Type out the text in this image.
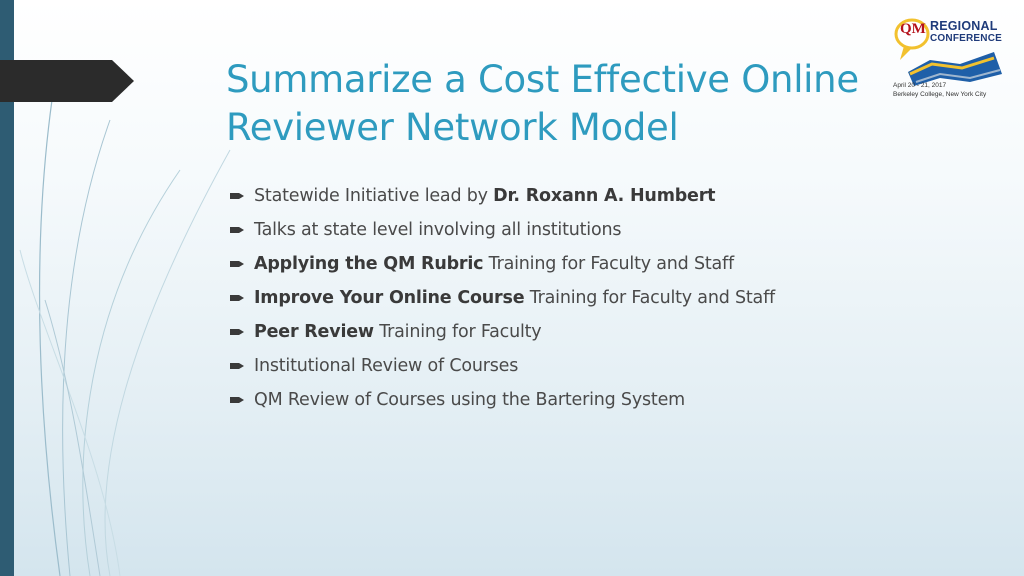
Summarize a Cost Effective Online
Reviewer Network Model
Statewide Initiative lead by Dr. Roxann A. Humbert
Talks at state level involving all institutions
Applying the QM Rubric Training for Faculty and Staff
Improve Your Online Course Training for Faculty and Staff
Peer Review Training for Faculty
Institutional Review of Courses
QM Review of Courses using the Bartering System
QM REGIONAL
CONFERENCE
April 20 - 21, 2017
Berkeley College, New York City
